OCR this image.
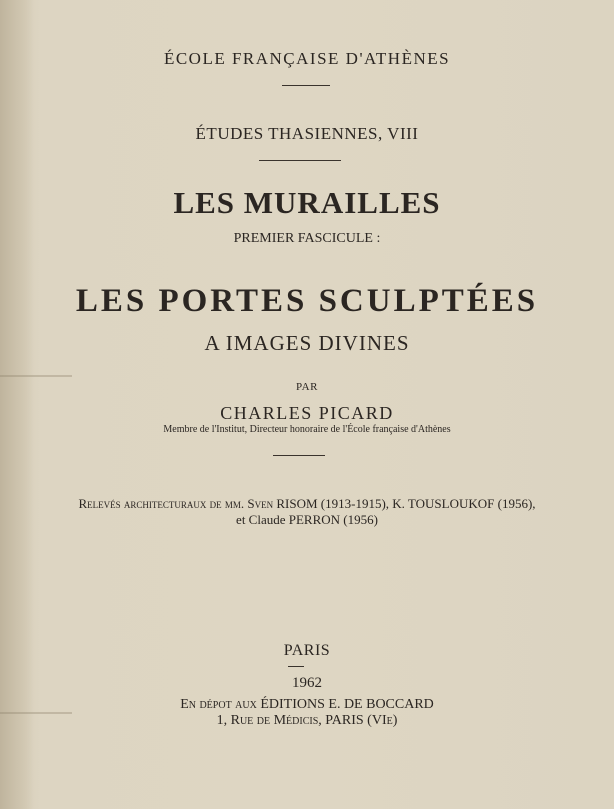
ÉCOLE FRANÇAISE D'ATHÈNES
ÉTUDES THASIENNES, VIII
LES MURAILLES
PREMIER FASCICULE :
LES PORTES SCULPTÉES
A IMAGES DIVINES
PAR
CHARLES PICARD
Membre de l'Institut, Directeur honoraire de l'École française d'Athènes
Relevés architecturaux de mm. Sven RISOM (1913-1915), K. TOUSLOUKOF (1956),
et Claude PERRON (1956)
PARIS
1962
En dépot aux ÉDITIONS E. DE BOCCARD
1, Rue de Médicis, PARIS (VIe)
